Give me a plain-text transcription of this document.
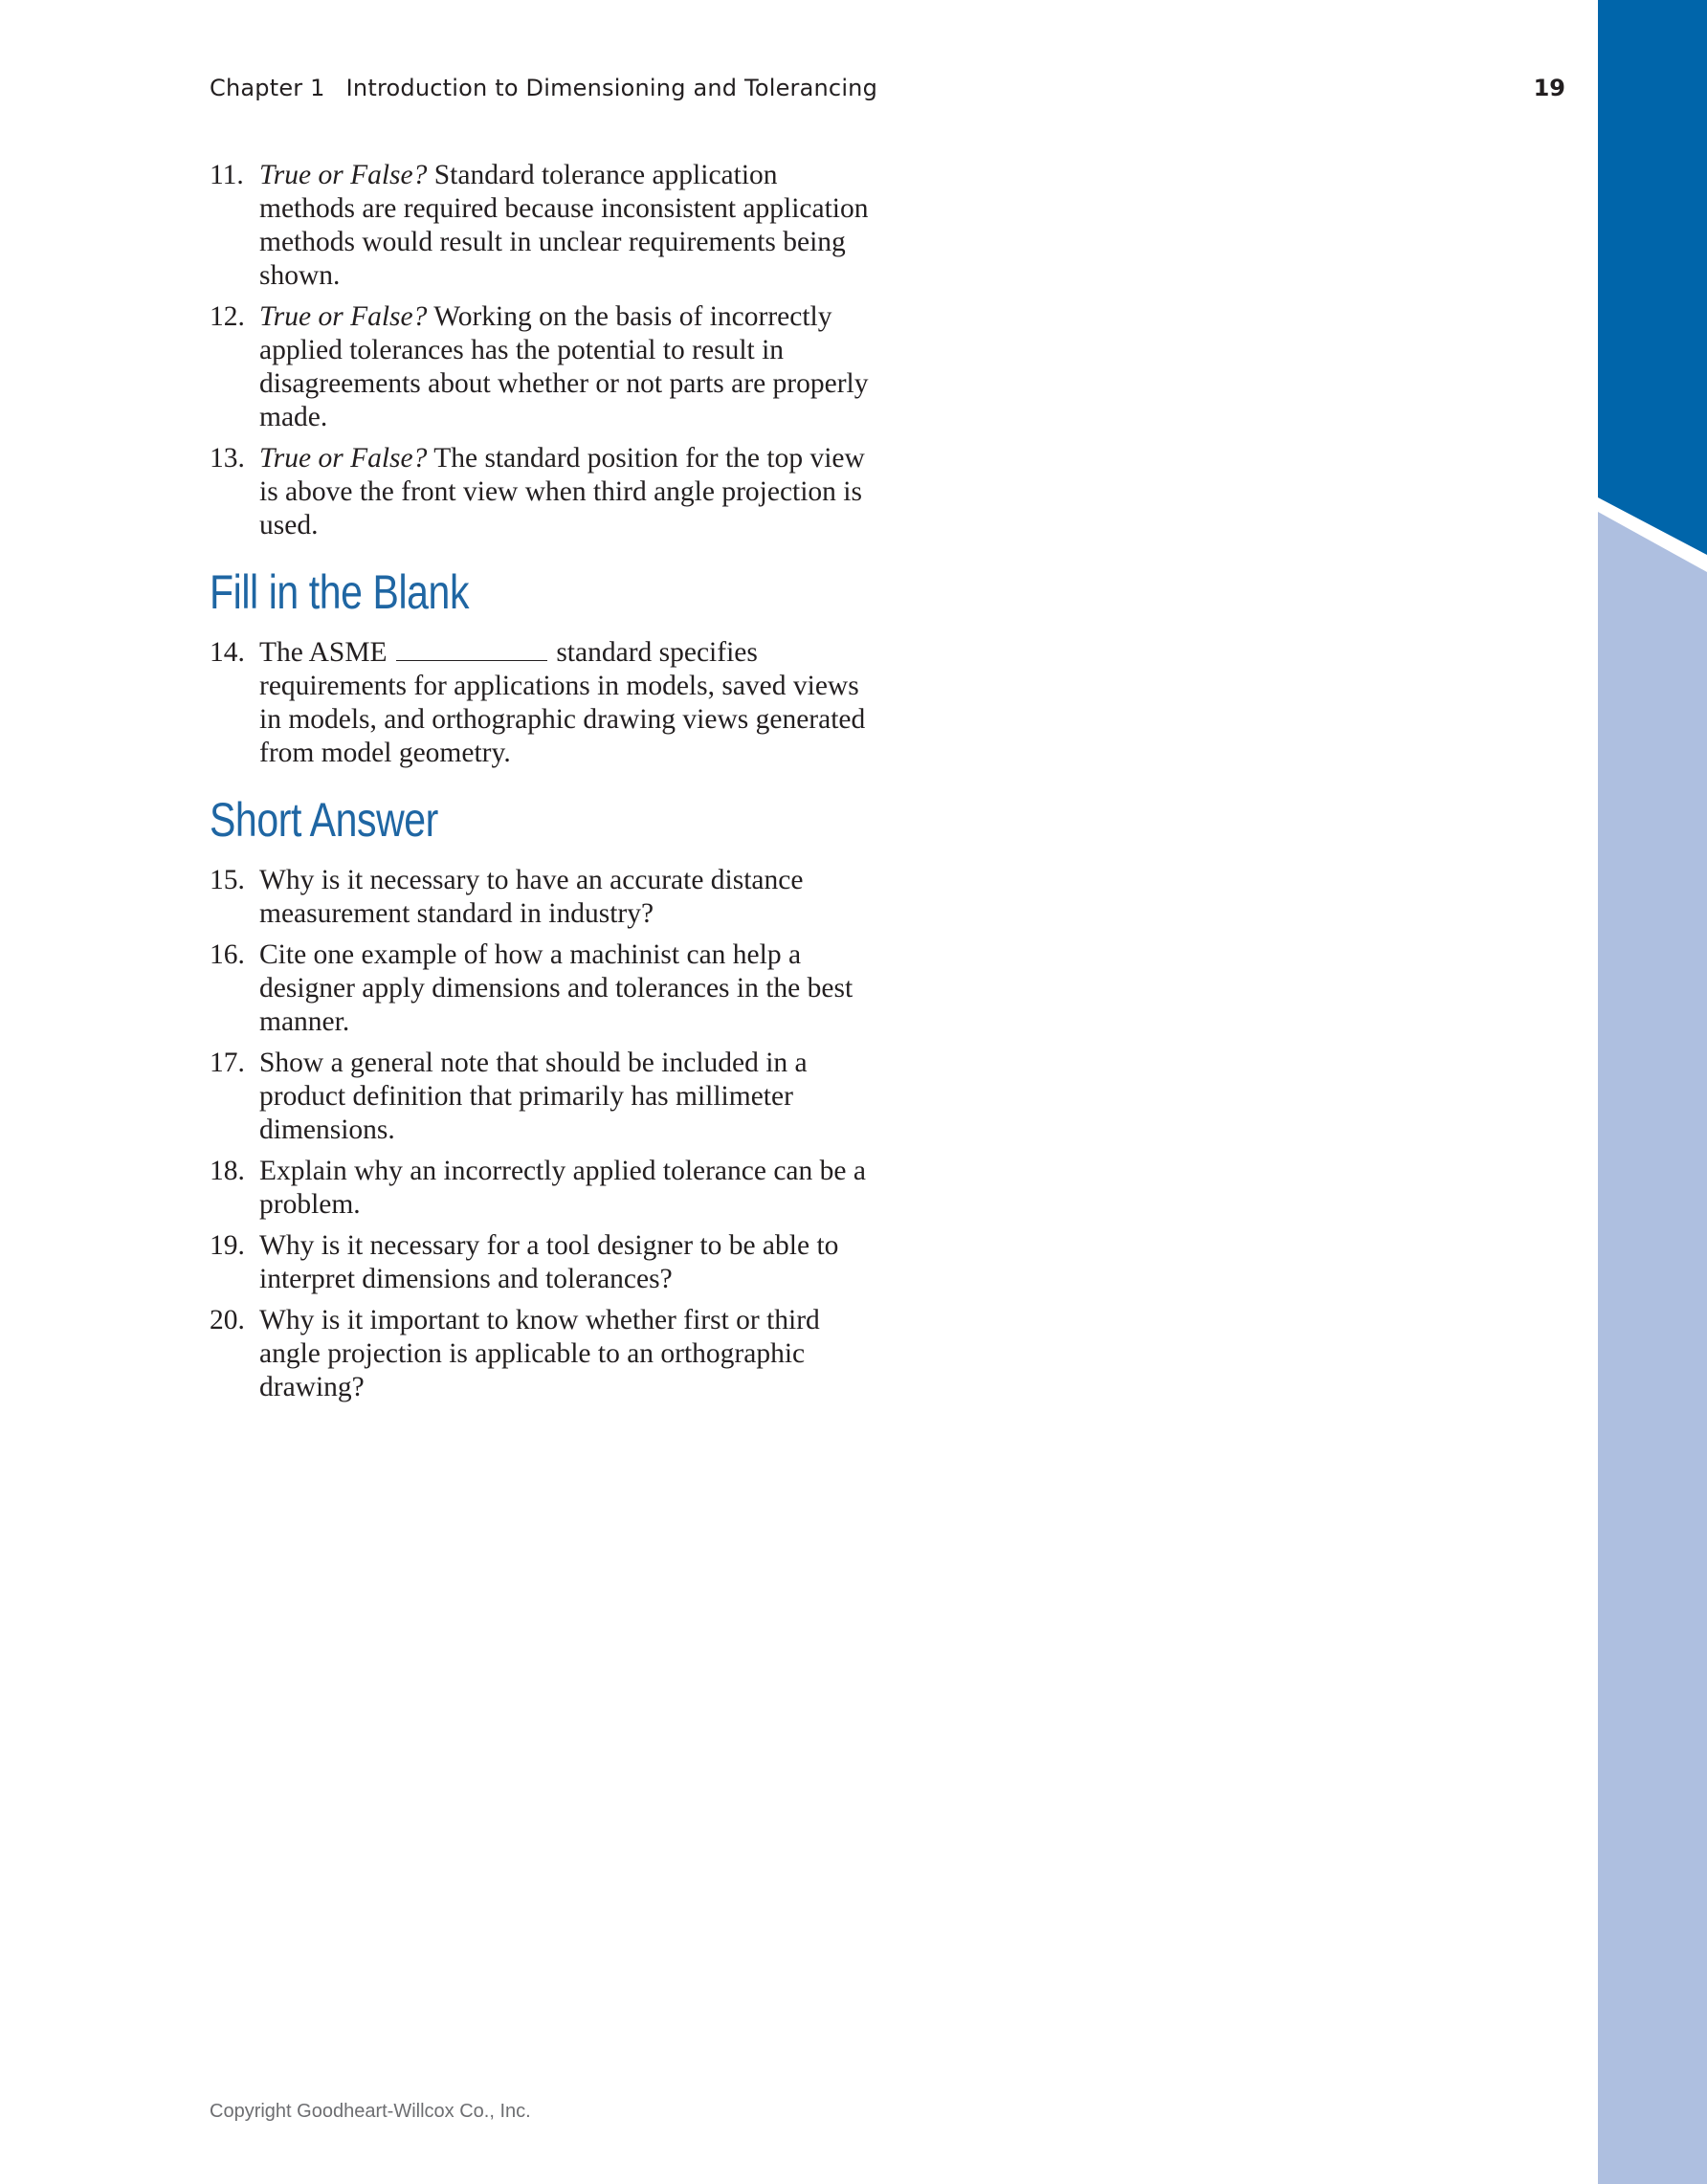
Chapter 1 Introduction to Dimensioning and Tolerancing	19
11. True or False? Standard tolerance application methods are required because inconsistent application methods would result in unclear requirements being shown.
12. True or False? Working on the basis of incorrectly applied tolerances has the potential to result in disagreements about whether or not parts are properly made.
13. True or False? The standard position for the top view is above the front view when third angle projection is used.
Fill in the Blank
14. The ASME	standard specifies requirements for applications in models, saved views in models, and orthographic drawing views generated from model geometry.
Short Answer
15. Why is it necessary to have an accurate distance measurement standard in industry?
16. Cite one example of how a machinist can help a designer apply dimensions and tolerances in the best manner.
17. Show a general note that should be included in a product definition that primarily has millimeter dimensions.
18. Explain why an incorrectly applied tolerance can be a problem.
19. Why is it necessary for a tool designer to be able to interpret dimensions and tolerances?
20. Why is it important to know whether first or third angle projection is applicable to an orthographic drawing?
Copyright Goodheart-Willcox Co., Inc.
